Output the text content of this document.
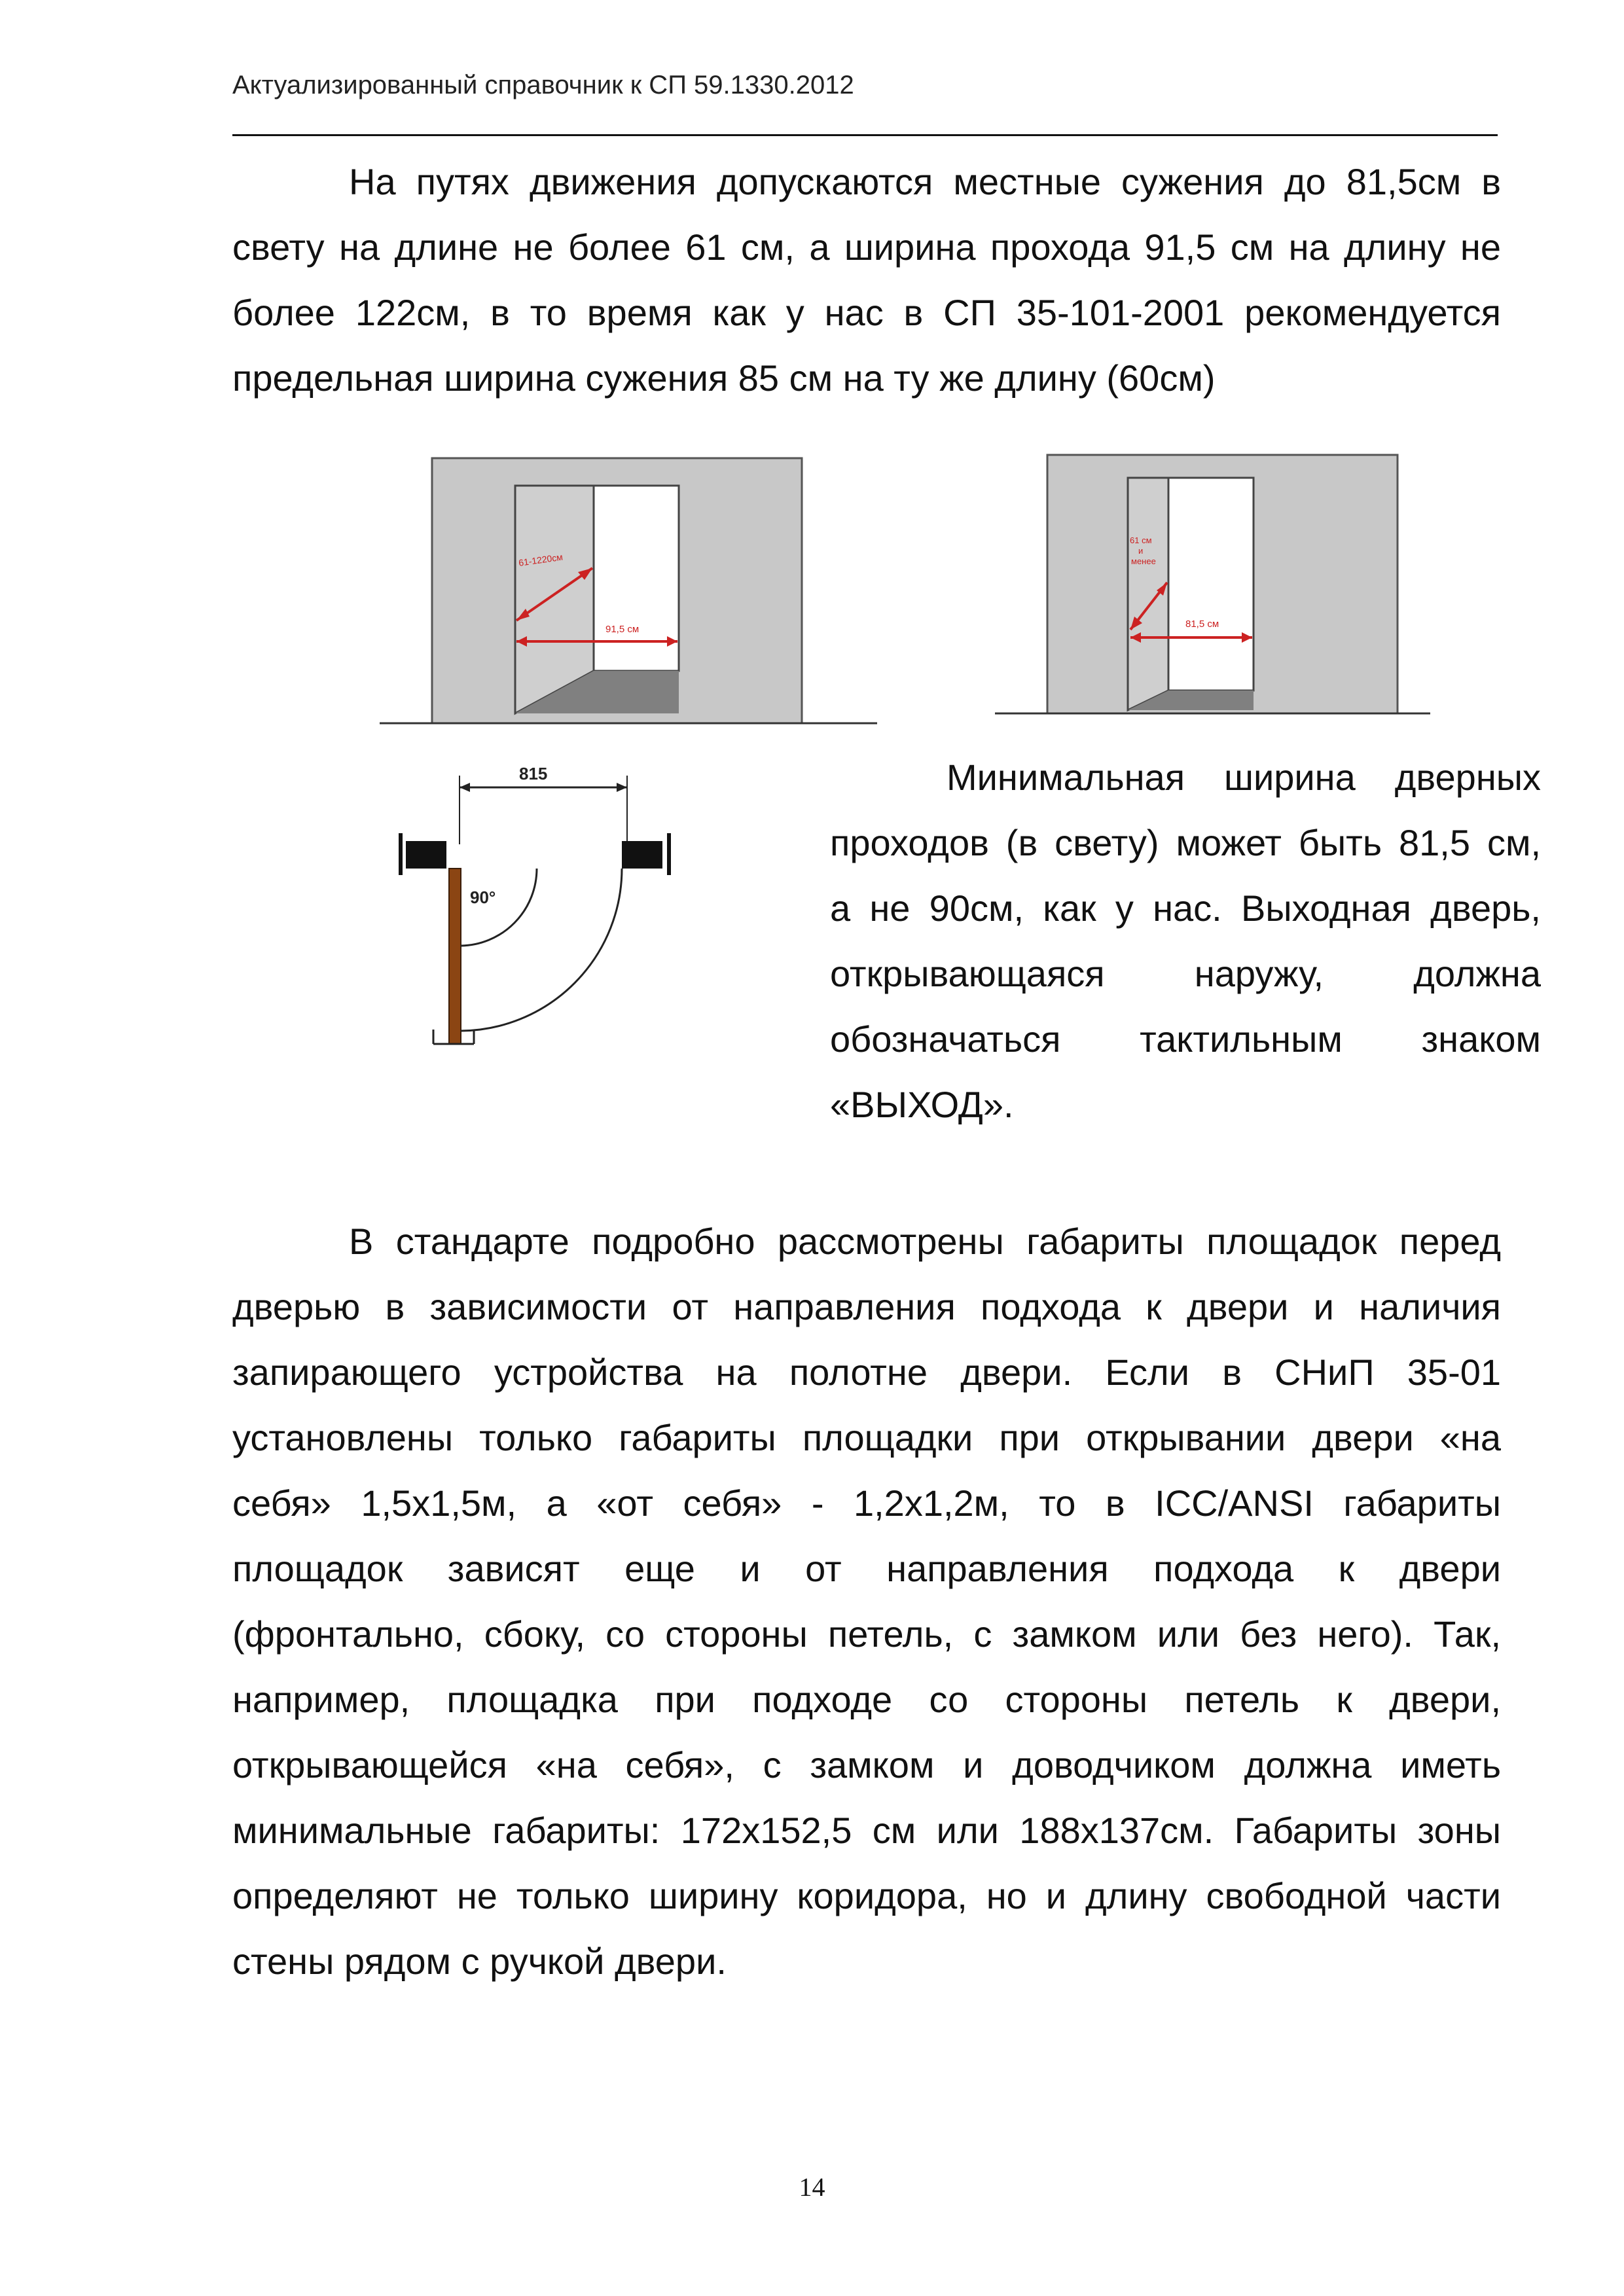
Актуализированный справочник к СП 59.1330.2012
На путях движения допускаются местные сужения до 81,5см в
свету на длине не более 61 см, а ширина прохода 91,5 см на длину не
более 122см, в то время как у нас в СП 35-101-2001 рекомендуется
предельная ширина сужения 85 см на ту же длину (60см)
61-1220см
91,5 см
61 см
и
менее
81,5 см
815
90°
Минимальная ширина дверных
проходов (в свету) может быть 81,5 см,
а не 90см, как у нас. Выходная дверь,
открывающаяся наружу, должна
обозначаться тактильным знаком
«ВЫХОД».
В стандарте подробно рассмотрены габариты площадок перед
дверью в зависимости от направления подхода к двери и наличия
запирающего устройства на полотне двери. Если в СНиП 35-01
установлены только габариты площадки при открывании двери «на
себя» 1,5х1,5м, а «от себя» - 1,2х1,2м, то в ICC/ANSI габариты
площадок зависят еще и от направления подхода к двери
(фронтально, сбоку, со стороны петель, с замком или без него). Так,
например, площадка при подходе со стороны петель к двери,
открывающейся «на себя», с замком и доводчиком должна иметь
минимальные габариты: 172х152,5 см или 188х137см. Габариты зоны
определяют не только ширину коридора, но и длину свободной части
стены рядом с ручкой двери.
14
